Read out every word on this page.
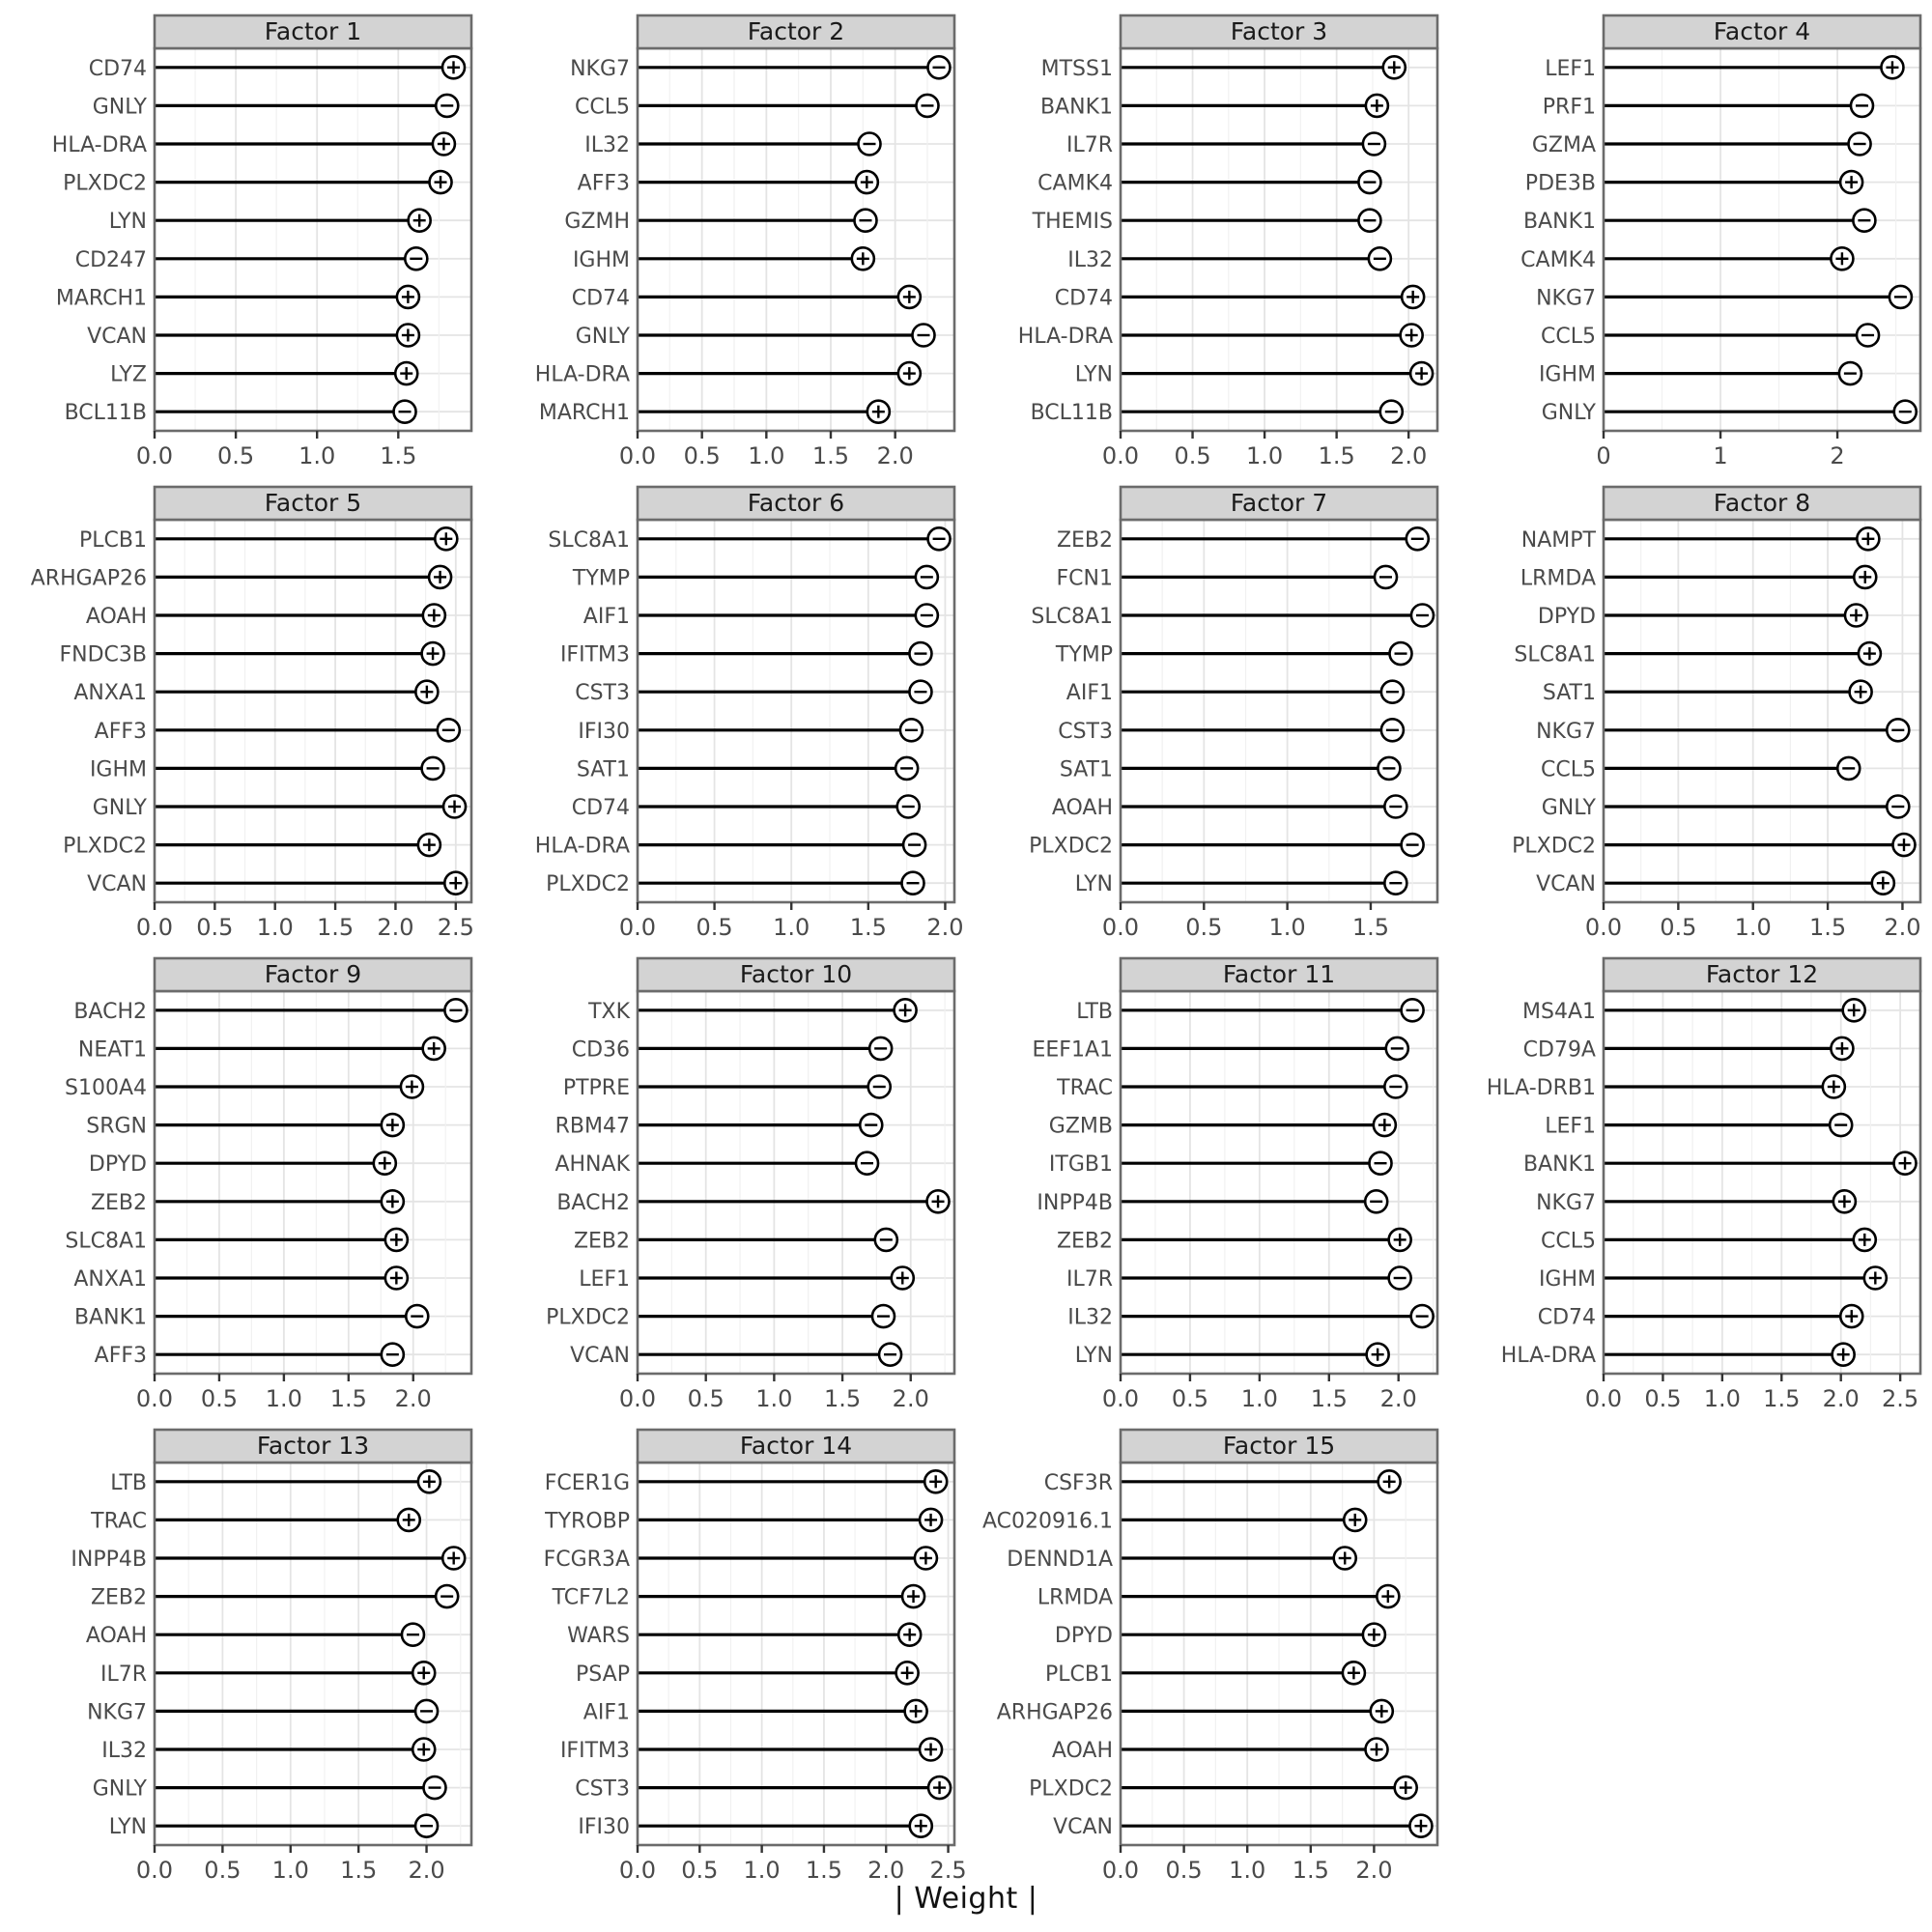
Factor 1
0.0 0.5 1.0 1.5
CD74
GNLY
HLA-DRA
PLXDC2
LYN
CD247
MARCH1
VCAN
LYZ
BCL11B
Factor 2
0.0 0.5 1.0 1.5 2.0
NKG7
CCL5
IL32
AFF3
GZMH
IGHM
CD74
GNLY
HLA-DRA
MARCH1
Factor 3
0.0 0.5 1.0 1.5 2.0
MTSS1
BANK1
IL7R
CAMK4
THEMIS
IL32
CD74
HLA-DRA
LYN
BCL11B
Factor 4
0	1	2
LEF1
PRF1
GZMA
PDE3B
BANK1
CAMK4
NKG7
CCL5
IGHM
GNLY
Factor 5
0.0 0.5 1.0 1.5 2.0 2.5
PLCB1
ARHGAP26
AOAH
FNDC3B
ANXA1
AFF3
IGHM
GNLY
PLXDC2
VCAN
Factor 6
0.0 0.5 1.0 1.5 2.0
SLC8A1
TYMP
AIF1
IFITM3
CST3
IFI30
SAT1
CD74
HLA-DRA
PLXDC2
Factor 7
0.0 0.5 1.0 1.5
ZEB2
FCN1
SLC8A1
TYMP
AIF1
CST3
SAT1
AOAH
PLXDC2
LYN
Factor 8
0.0 0.5 1.0 1.5 2.0
NAMPT
LRMDA
DPYD
SLC8A1
SAT1
NKG7
CCL5
GNLY
PLXDC2
VCAN
Factor 9
0.0 0.5 1.0 1.5 2.0
BACH2
NEAT1
S100A4
SRGN
DPYD
ZEB2
SLC8A1
ANXA1
BANK1
AFF3
Factor 10
0.0 0.5 1.0 1.5 2.0
TXK
CD36
PTPRE
RBM47
AHNAK
BACH2
ZEB2
LEF1
PLXDC2
VCAN
Factor 11
0.0 0.5 1.0 1.5 2.0
LTB
EEF1A1
TRAC
GZMB
ITGB1
INPP4B
ZEB2
IL7R
IL32
LYN
Factor 12
0.0 0.5 1.0 1.5 2.0 2.5
MS4A1
CD79A
HLA-DRB1
LEF1
BANK1
NKG7
CCL5
IGHM
CD74
HLA-DRA
Factor 13
0.0 0.5 1.0 1.5 2.0
LTB
TRAC
INPP4B
ZEB2
AOAH
IL7R
NKG7
IL32
GNLY
LYN
Factor 14
0.0 0.5 1.0 1.5 2.0 2.5
FCER1G
TYROBP
FCGR3A
TCF7L2
WARS
PSAP
AIF1
IFITM3
CST3
IFI30
Factor 15
0.0 0.5 1.0 1.5 2.0
CSF3R
AC020916.1
DENND1A
LRMDA
DPYD
PLCB1
ARHGAP26
AOAH
PLXDC2
VCAN
| Weight |
